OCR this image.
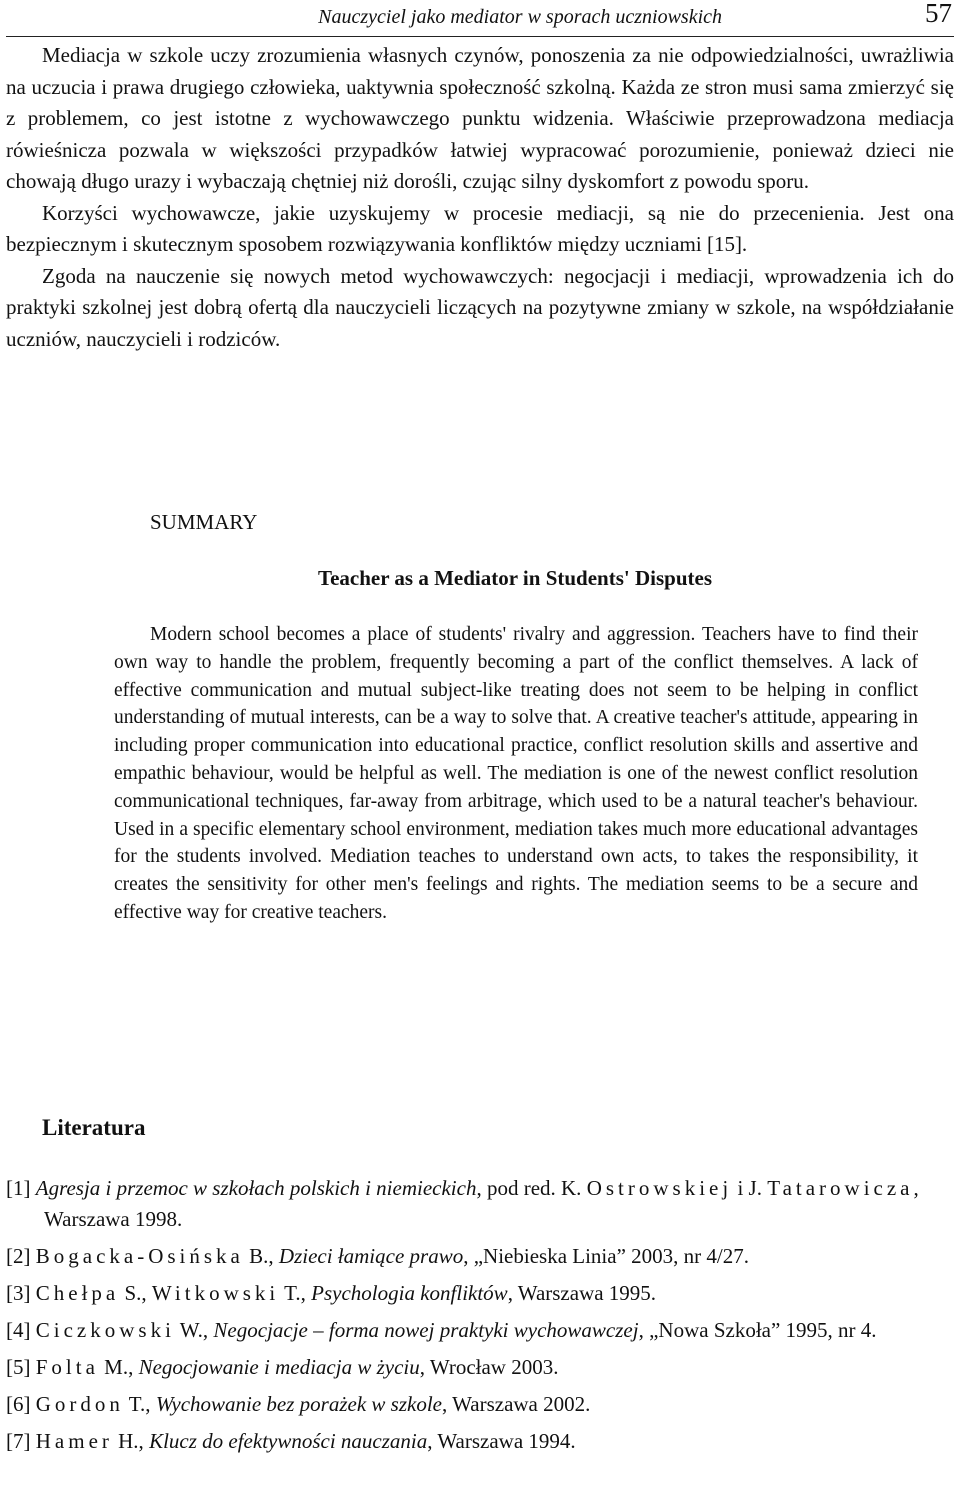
Nauczyciel jako mediator w sporach uczniowskich	57

Mediacja w szkole uczy zrozumienia własnych czynów, ponoszenia za nie odpowiedzialności, uwrażliwia na uczucia i prawa drugiego człowieka, uaktywnia społeczność szkolną. Każda ze stron musi sama zmierzyć się z problemem, co jest istotne z wychowawczego punktu widzenia. Właściwie przeprowadzona mediacja rówieśnicza pozwala w większości przypadków łatwiej wypracować porozumienie, ponieważ dzieci nie chowają długo urazy i wybaczają chętniej niż dorośli, czując silny dyskomfort z powodu sporu.

Korzyści wychowawcze, jakie uzyskujemy w procesie mediacji, są nie do przecenienia. Jest ona bezpiecznym i skutecznym sposobem rozwiązywania konfliktów między uczniami [15].

Zgoda na nauczenie się nowych metod wychowawczych: negocjacji i mediacji, wprowadzenia ich do praktyki szkolnej jest dobrą ofertą dla nauczycieli liczących na pozytywne zmiany w szkole, na współdziałanie uczniów, nauczycieli i rodziców.

SUMMARY
Teacher as a Mediator in Students' Disputes

Modern school becomes a place of students' rivalry and aggression. Teachers have to find their own way to handle the problem, frequently becoming a part of the conflict themselves. A lack of effective communication and mutual subject-like treating does not seem to be helping in conflict understanding of mutual interests, can be a way to solve that. A creative teacher's attitude, appearing in including proper communication into educational practice, conflict resolution skills and assertive and empathic behaviour, would be helpful as well. The mediation is one of the newest conflict resolution communicational techniques, far-away from arbitrage, which used to be a natural teacher's behaviour. Used in a specific elementary school environment, mediation takes much more educational advantages for the students involved. Mediation teaches to understand own acts, to takes the responsibility, it creates the sensitivity for other men's feelings and rights. The mediation seems to be a secure and effective way for creative teachers.

Literatura
[1] Agresja i przemoc w szkołach polskich i niemieckich, pod red. K. Ostrowskiej i J. Tatarowicza, Warszawa 1998.
[2] Bogacka-Osińska B., Dzieci łamiące prawo, „Niebieska Linia” 2003, nr 4/27.
[3] Chełpa S., Witkowski T., Psychologia konfliktów, Warszawa 1995.
[4] Ciczkowski W., Negocjacje – forma nowej praktyki wychowawczej, „Nowa Szkoła” 1995, nr 4.
[5] Folta M., Negocjowanie i mediacja w życiu, Wrocław 2003.
[6] Gordon T., Wychowanie bez porażek w szkole, Warszawa 2002.
[7] Hamer H., Klucz do efektywności nauczania, Warszawa 1994.
